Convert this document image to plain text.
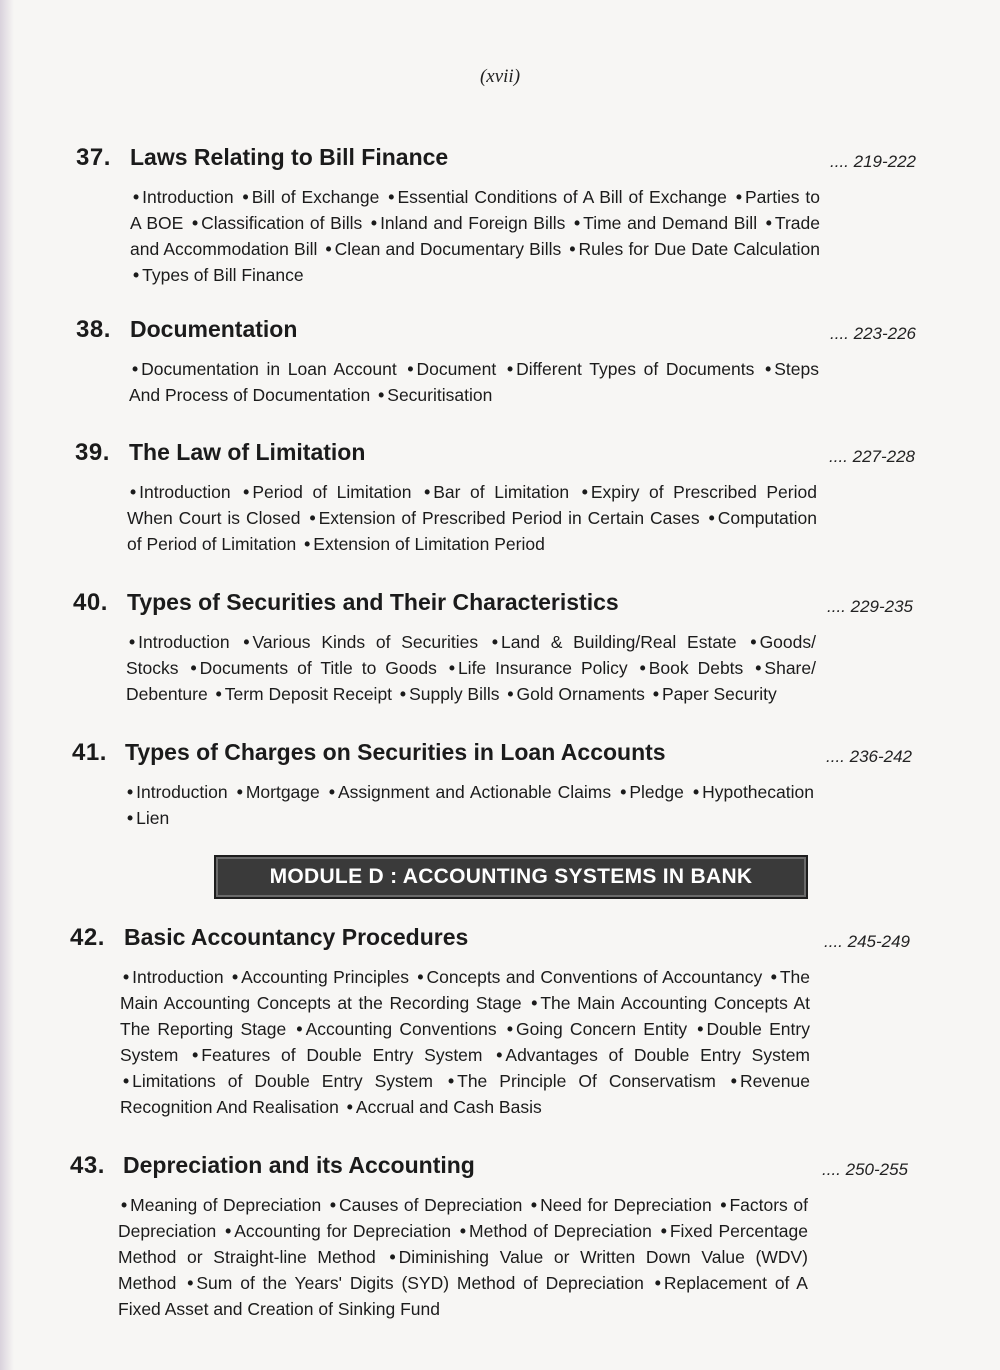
(xvii)
37. Laws Relating to Bill Finance	.... 219-222
• Introduction • Bill of Exchange • Essential Conditions of A Bill of Exchange • Parties to A BOE • Classification of Bills • Inland and Foreign Bills • Time and Demand Bill • Trade and Accommodation Bill • Clean and Documentary Bills • Rules for Due Date Calculation • Types of Bill Finance
38. Documentation	.... 223-226
• Documentation in Loan Account • Document • Different Types of Documents • Steps And Process of Documentation • Securitisation
39. The Law of Limitation	.... 227-228
• Introduction • Period of Limitation • Bar of Limitation • Expiry of Prescribed Period When Court is Closed • Extension of Prescribed Period in Certain Cases • Computation of Period of Limitation • Extension of Limitation Period
40. Types of Securities and Their Characteristics	.... 229-235
• Introduction • Various Kinds of Securities • Land & Building/Real Estate • Goods/ Stocks • Documents of Title to Goods • Life Insurance Policy • Book Debts • Share/ Debenture • Term Deposit Receipt • Supply Bills • Gold Ornaments • Paper Security
41. Types of Charges on Securities in Loan Accounts	.... 236-242
• Introduction • Mortgage • Assignment and Actionable Claims • Pledge • Hypothecation • Lien
42. Basic Accountancy Procedures	.... 245-249
• Introduction • Accounting Principles • Concepts and Conventions of Accountancy • The Main Accounting Concepts at the Recording Stage • The Main Accounting Concepts At The Reporting Stage • Accounting Conventions • Going Concern Entity • Double Entry System • Features of Double Entry System • Advantages of Double Entry System • Limitations of Double Entry System • The Principle Of Conservatism • Revenue Recognition And Realisation • Accrual and Cash Basis
43. Depreciation and its Accounting	.... 250-255
• Meaning of Depreciation • Causes of Depreciation • Need for Depreciation • Factors of Depreciation • Accounting for Depreciation • Method of Depreciation • Fixed Percentage Method or Straight-line Method • Diminishing Value or Written Down Value (WDV) Method • Sum of the Years' Digits (SYD) Method of Depreciation • Replacement of A Fixed Asset and Creation of Sinking Fund
MODULE D : ACCOUNTING SYSTEMS IN BANK
